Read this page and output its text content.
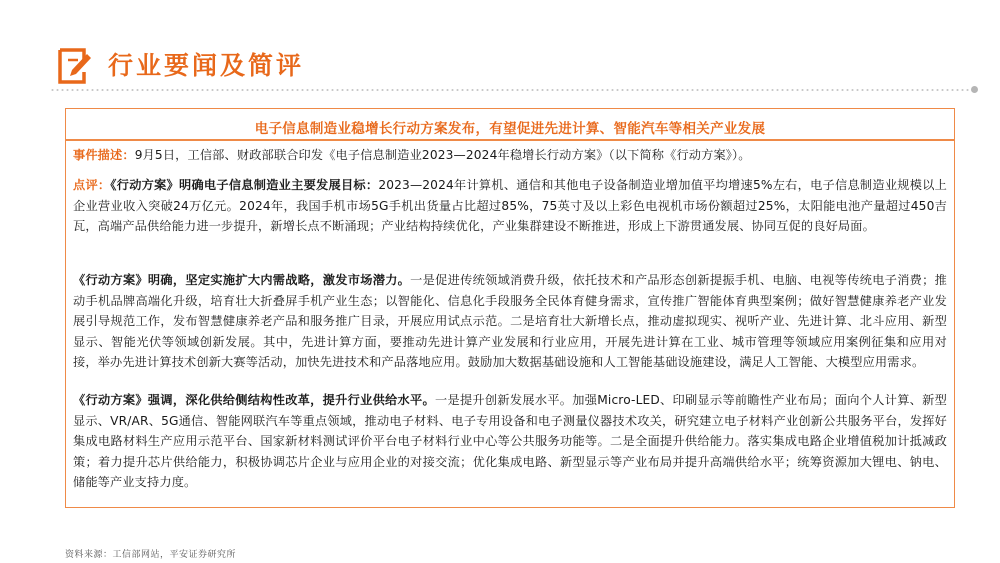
行业要闻及简评
电子信息制造业稳增长行动方案发布，有望促进先进计算、智能汽车等相关产业发展

事件描述：9月5日，工信部、财政部联合印发《电子信息制造业2023—2024年稳增长行动方案》（以下简称《行动方案》）。

点评：《行动方案》明确电子信息制造业主要发展目标：2023—2024年计算机、通信和其他电子设备制造业增加值平均增速5%左右，电子信息制造业规模以上企业营业收入突破24万亿元。2024年，我国手机市场5G手机出货量占比超过85%，75英寸及以上彩色电视机市场份额超过25%，太阳能电池产量超过450吉瓦，高端产品供给能力进一步提升，新增长点不断涌现；产业结构持续优化，产业集群建设不断推进，形成上下游贯通发展、协同互促的良好局面。

《行动方案》明确，坚定实施扩大内需战略，激发市场潜力。一是促进传统领域消费升级，依托技术和产品形态创新提振手机、电脑、电视等传统电子消费；推动手机品牌高端化升级，培育壮大折叠屏手机产业生态；以智能化、信息化手段服务全民体育健身需求，宣传推广智能体育典型案例；做好智慧健康养老产业发展引导规范工作，发布智慧健康养老产品和服务推广目录，开展应用试点示范。二是培育壮大新增长点，推动虚拟现实、视听产业、先进计算、北斗应用、新型显示、智能光伏等领域创新发展。其中，先进计算方面，要推动先进计算产业发展和行业应用，开展先进计算在工业、城市管理等领域应用案例征集和应用对接，举办先进计算技术创新大赛等活动，加快先进技术和产品落地应用。鼓励加大数据基础设施和人工智能基础设施建设，满足人工智能、大模型应用需求。

《行动方案》强调，深化供给侧结构性改革，提升行业供给水平。一是提升创新发展水平。加强Micro-LED、印刷显示等前瞻性产业布局；面向个人计算、新型显示、VR/AR、5G通信、智能网联汽车等重点领域，推动电子材料、电子专用设备和电子测量仪器技术攻关，研究建立电子材料产业创新公共服务平台，发挥好集成电路材料生产应用示范平台、国家新材料测试评价平台电子材料行业中心等公共服务功能等。二是全面提升供给能力。落实集成电路企业增值税加计抵减政策；着力提升芯片供给能力，积极协调芯片企业与应用企业的对接交流；优化集成电路、新型显示等产业布局并提升高端供给水平；统筹资源加大锂电、钠电、储能等产业支持力度。

资料来源：工信部网站，平安证券研究所
